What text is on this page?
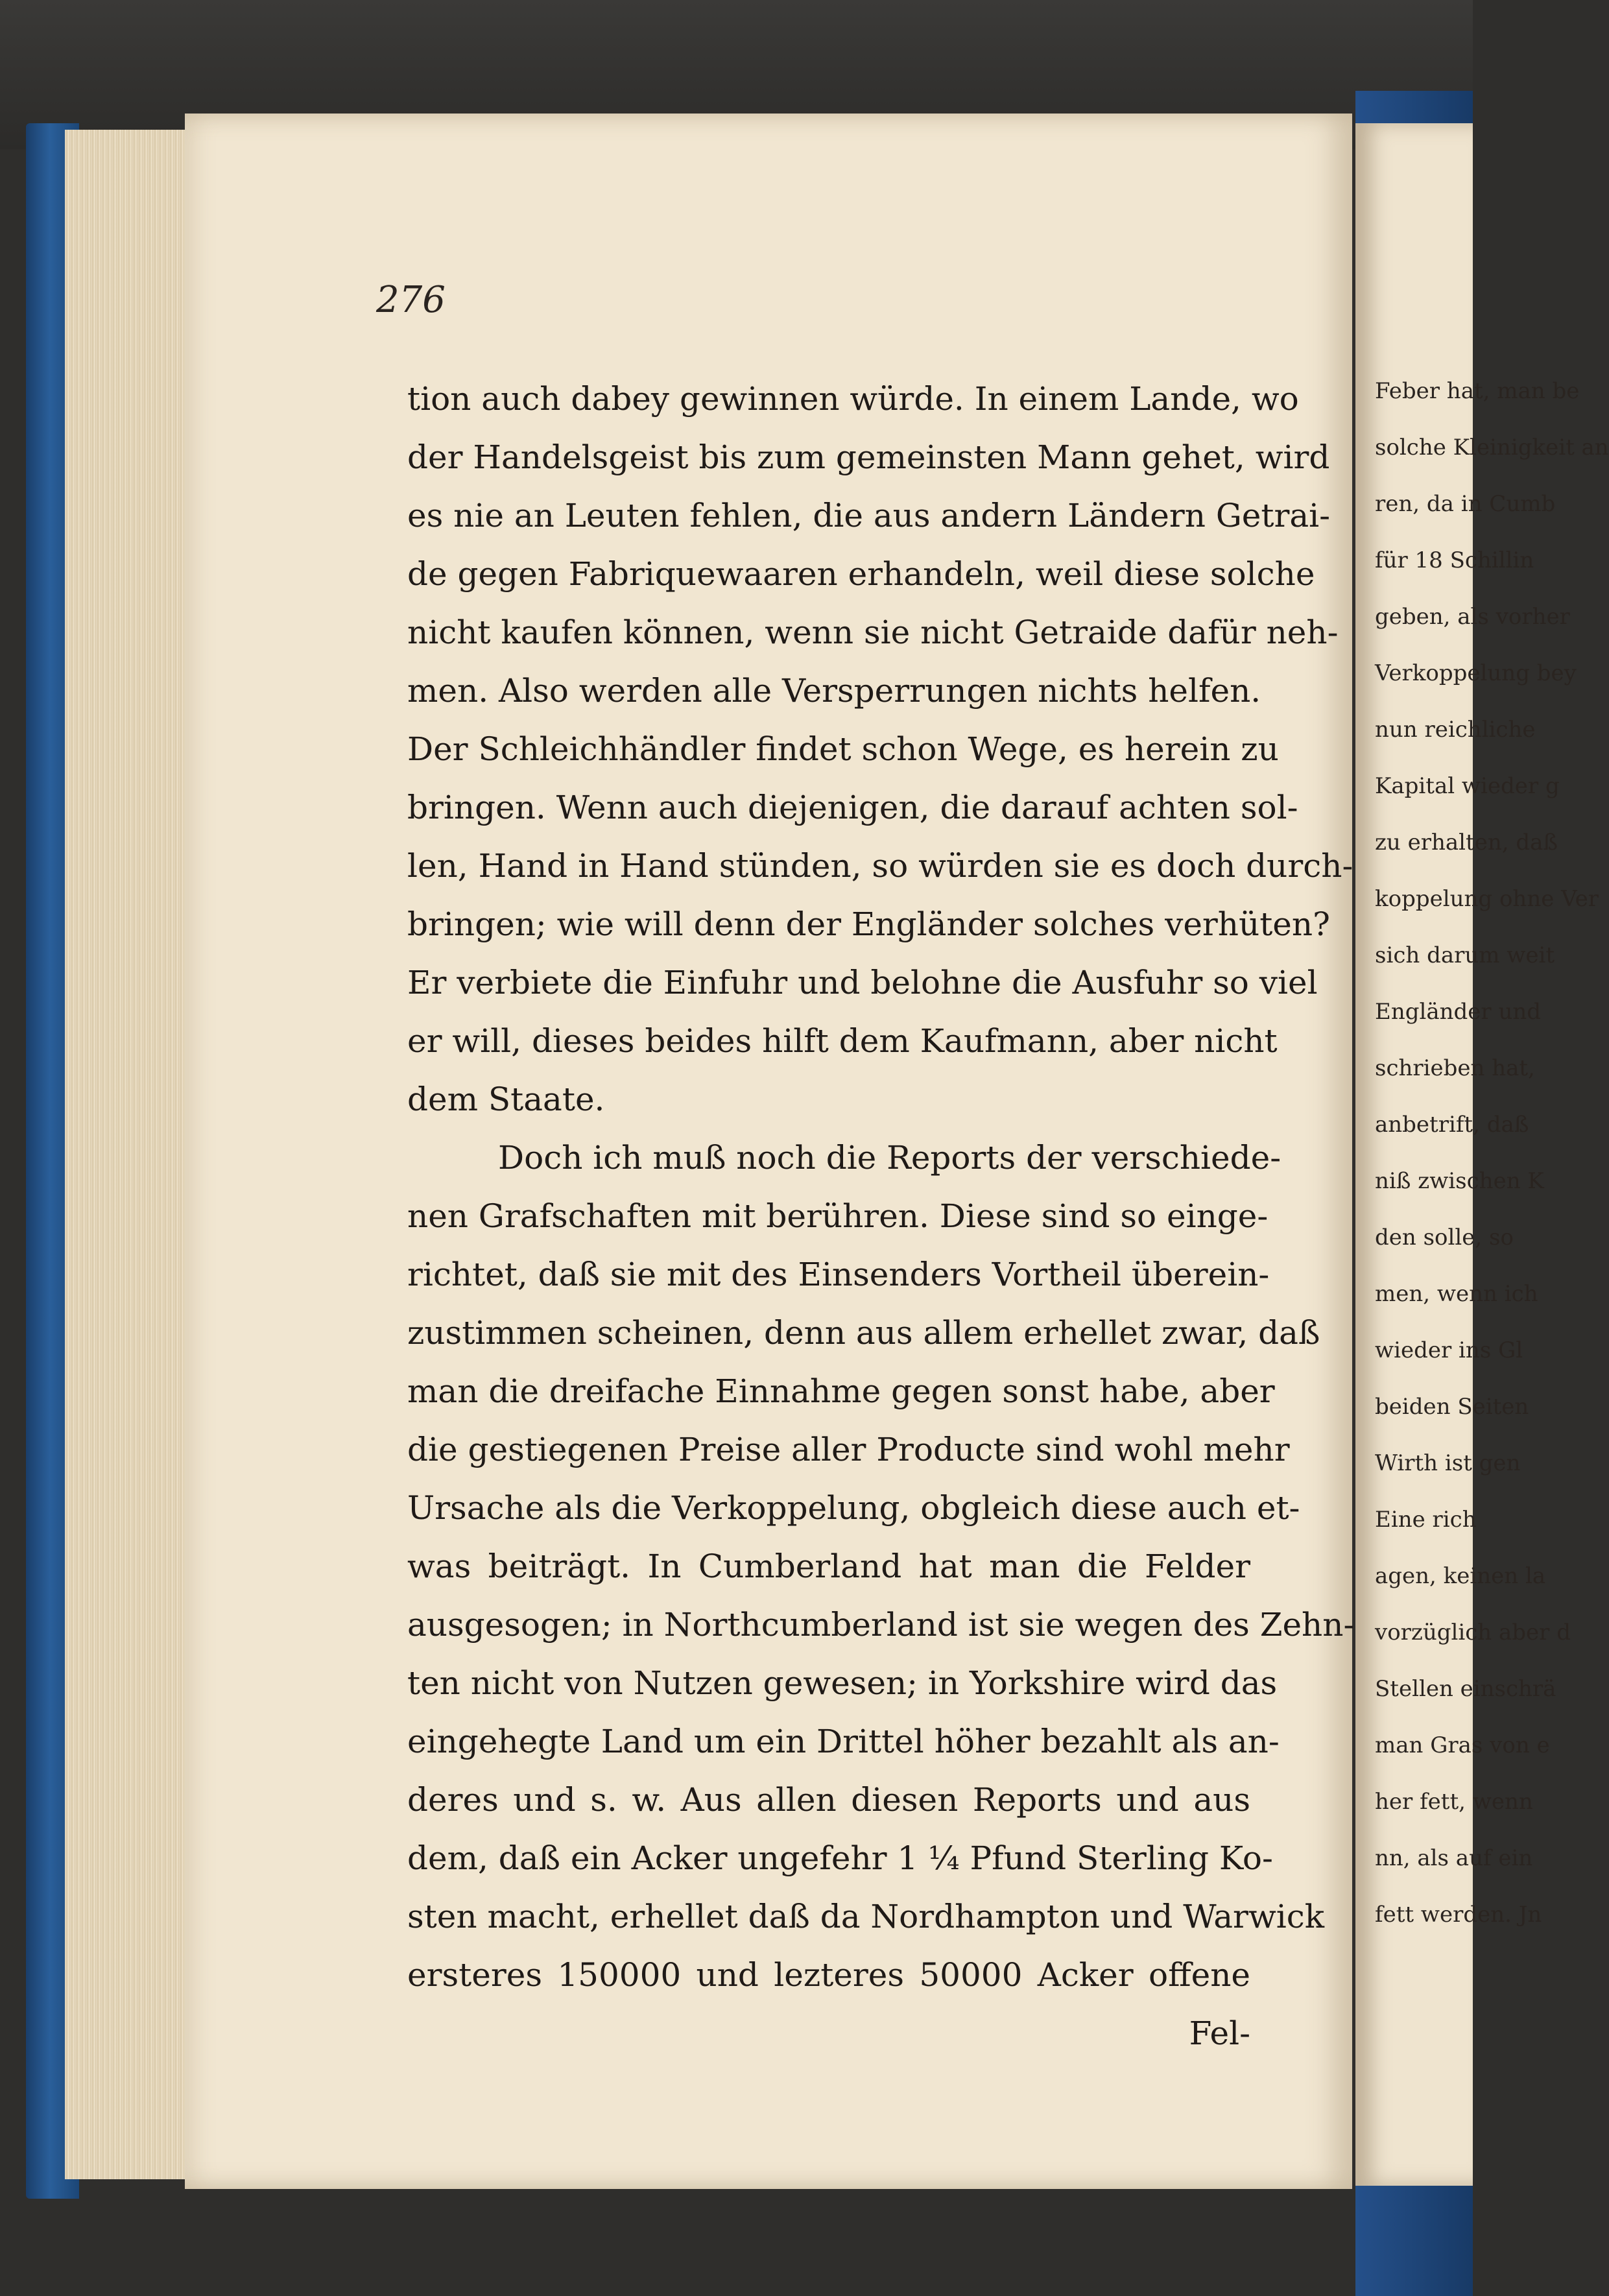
Feber hat, man be
solche Kleinigkeit an
ren, da in Cumb
für 18 Schillin
geben, als vorher
Verkoppelung bey
nun reichliche
Kapital wieder g
zu erhalten, daß
koppelung ohne Ver
sich darum weit
Engländer und
schrieben hat,
anbetrift, daß
niß zwischen K
den solle, so
men, wenn ich
wieder ins Gl
beiden Seiten
Wirth ist gen
Eine rich
agen, keinen la
vorzüglich aber d
Stellen einschrä
man Gras von e
her fett, wenn
nn, als auf ein
fett werden. Jn
276
tion auch dabey gewinnen würde. In einem Lande, wo
der Handelsgeist bis zum gemeinsten Mann gehet, wird
es nie an Leuten fehlen, die aus andern Ländern Getrai-
de gegen Fabriquewaaren erhandeln, weil diese solche
nicht kaufen können, wenn sie nicht Getraide dafür neh-
men. Also werden alle Versperrungen nichts helfen.
Der Schleichhändler findet schon Wege, es herein zu
bringen. Wenn auch diejenigen, die darauf achten sol-
len, Hand in Hand stünden, so würden sie es doch durch-
bringen; wie will denn der Engländer solches verhüten?
Er verbiete die Einfuhr und belohne die Ausfuhr so viel
er will, dieses beides hilft dem Kaufmann, aber nicht
dem Staate.
Doch ich muß noch die Reports der verschiede-
nen Grafschaften mit berühren. Diese sind so einge-
richtet, daß sie mit des Einsenders Vortheil überein-
zustimmen scheinen, denn aus allem erhellet zwar, daß
man die dreifache Einnahme gegen sonst habe, aber
die gestiegenen Preise aller Producte sind wohl mehr
Ursache als die Verkoppelung, obgleich diese auch et-
was beiträgt. In Cumberland hat man die Felder
ausgesogen; in Northcumberland ist sie wegen des Zehn-
ten nicht von Nutzen gewesen; in Yorkshire wird das
eingehegte Land um ein Drittel höher bezahlt als an-
deres und s. w. Aus allen diesen Reports und aus
dem, daß ein Acker ungefehr 1 ¼ Pfund Sterling Ko-
sten macht, erhellet daß da Nordhampton und Warwick
ersteres 150000 und lezteres 50000 Acker offene
Fel-
